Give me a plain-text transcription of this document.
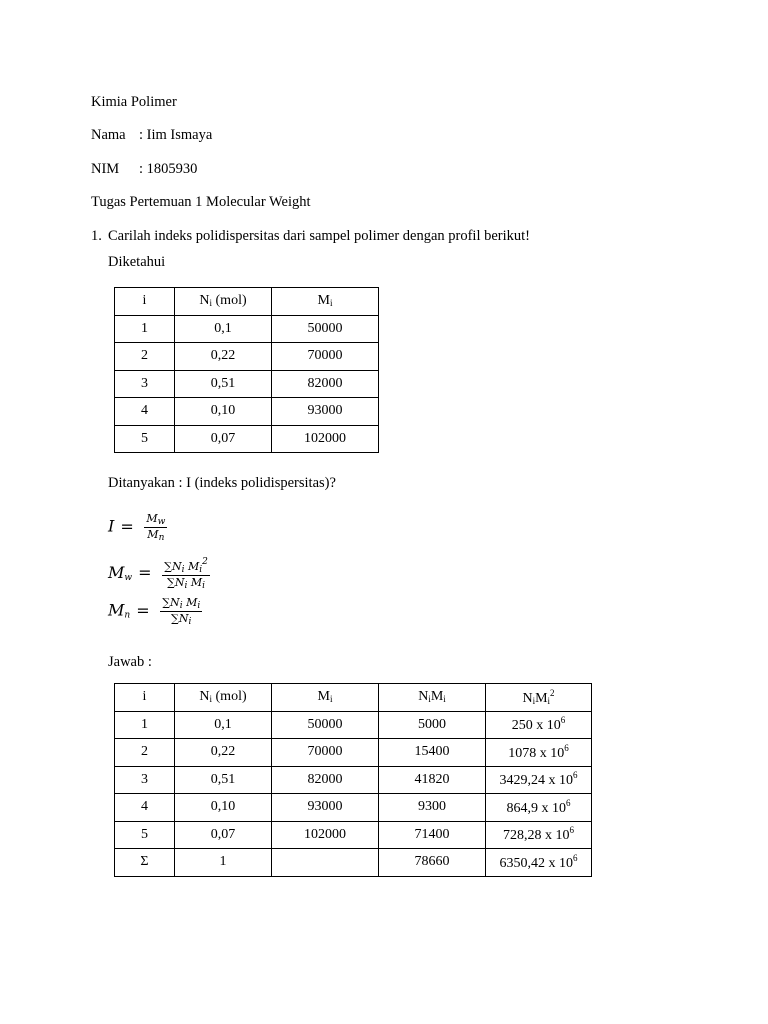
Kimia Polimer
Nama : Iim Ismaya
NIM : 1805930
Tugas Pertemuan 1 Molecular Weight
1. Carilah indeks polidispersitas dari sampel polimer dengan profil berikut!
Diketahui
i	$N_i$ (mol)	$M_i$
1	0,1	50000
2	0,22	70000
3	0,51	82000
4	0,10	93000
5	0,07	102000
Ditanyakan : I (indeks polidispersitas)?
$I = \frac{M_w}{M_n}$
$M_w = \frac{\sum N_i M_i^2}{\sum N_i M_i}$
$M_n = \frac{\sum N_i M_i}{\sum N_i}$
Jawab :
i	$N_i$ (mol)	$M_i$	$N_iM_i$	$N_iM_i^2$
1	0,1	50000	5000	250 x $10^6$
2	0,22	70000	15400	1078 x $10^6$
3	0,51	82000	41820	3429,24 x $10^6$
4	0,10	93000	9300	864,9 x $10^6$
5	0,07	102000	71400	728,28 x $10^6$
Σ	1		78660	6350,42 x $10^6$
